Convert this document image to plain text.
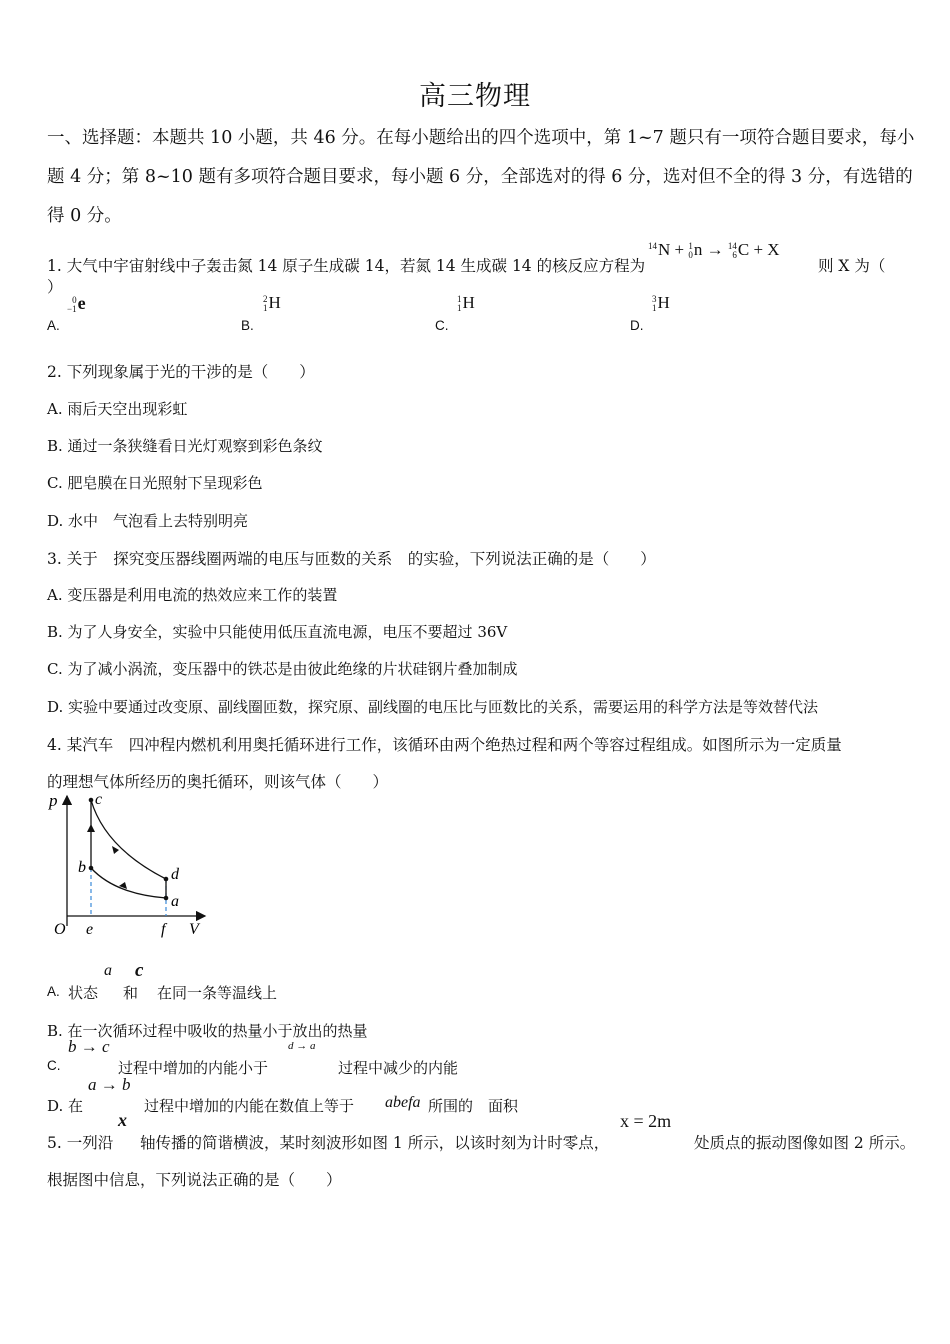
高三物理
一、选择题：本题共 10 小题，共 46 分。在每小题给出的四个选项中，第 1~7 题只有一项符合题目要求，每小题 4 分；第 8~10 题有多项符合题目要求，每小题 6 分，全部选对的得 6 分，选对但不全的得 3 分，有选错的得 0 分。
1. 大气中宇宙射线中子轰击氮 14 原子生成碳 14，若氮 14 生成碳 14 的核反应方程为
14
N + 1
0n → 14
6C + X
则 X 为（
）
A.
0
−1e
B.
2
1H
C.
1
1H
D.
3
1H
2. 下列现象属于光的干涉的是（　　）
A. 雨后天空出现彩虹
B. 通过一条狭缝看日光灯观察到彩色条纹
C. 肥皂膜在日光照射下呈现彩色
D. 水中　气泡看上去特别明亮
3. 关于　探究变压器线圈两端的电压与匝数的关系　的实验，下列说法正确的是（　　）
A. 变压器是利用电流的热效应来工作的装置
B. 为了人身安全，实验中只能使用低压直流电源，电压不要超过 36V
C. 为了减小涡流，变压器中的铁芯是由彼此绝缘的片状硅钢片叠加制成
D. 实验中要通过改变原、副线圈匝数，探究原、副线圈的电压比与匝数比的关系，需要运用的科学方法是等效替代法
4. 某汽车　四冲程内燃机利用奥托循环进行工作，该循环由两个绝热过程和两个等容过程组成。如图所示为一定质量
的理想气体所经历的奥托循环，则该气体（　　）
p
V
O
c
b	d
a
e	f
A. 状态
a
和
c
在同一条等温线上
B. 在一次循环过程中吸收的热量小于放出的热量
C.
b → c
过程中增加的内能小于
d → a
过程中减少的内能
D. 在
a → b
过程中增加的内能在数值上等于 abefa 所围的　面积
5. 一列沿
x
轴传播的简谐横波，某时刻波形如图 1 所示，以该时刻为计时零点，
x = 2m
处质点的振动图像如图 2 所示。
根据图中信息，下列说法正确的是（　　）
